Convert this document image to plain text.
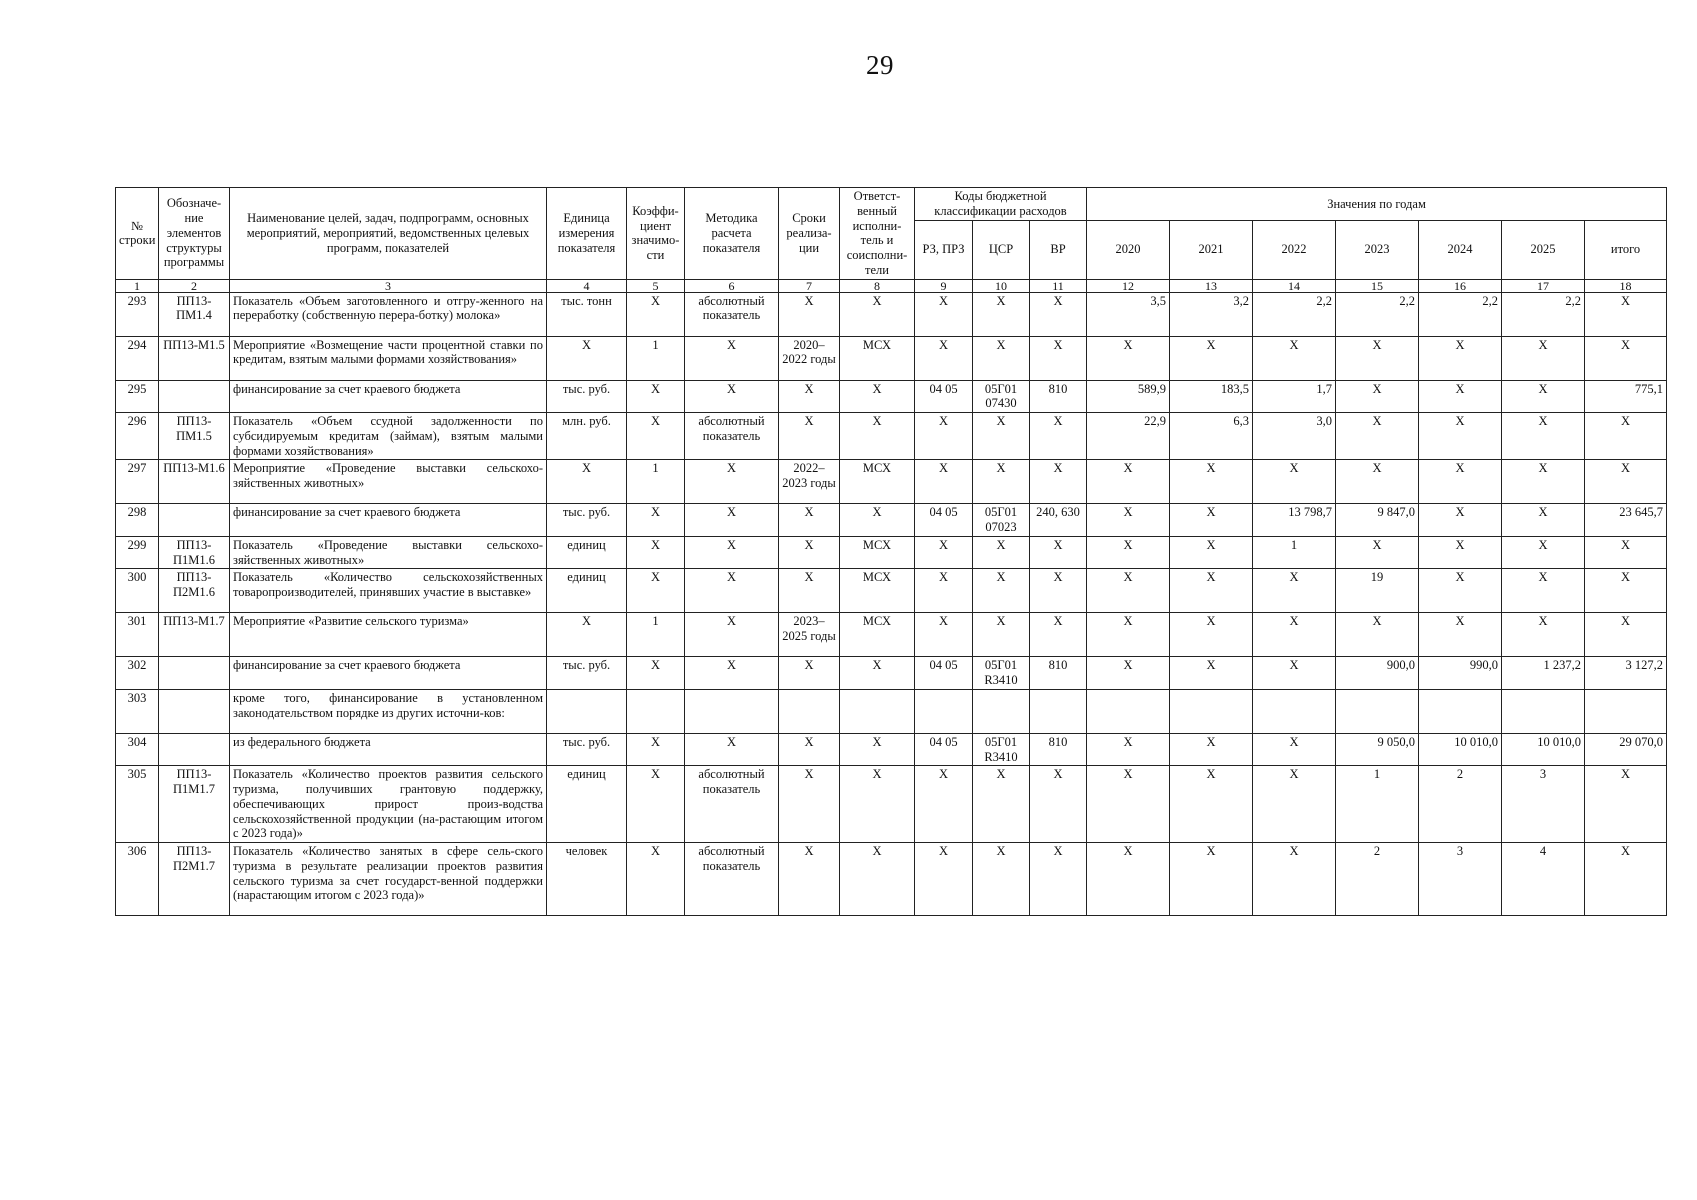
29
№ строки	Обозначе-ние элементов структуры программы	Наименование целей, задач, подпрограмм, основных мероприятий, мероприятий, ведомственных целевых программ, показателей	Единица измерения показателя	Коэффи-циент значимо-сти	Методика расчета показателя	Сроки реализа-ции	Ответст-венный исполни-тель и соисполни-тели	Коды бюджетной классификации расходов			Значения по годам						
								РЗ, ПРЗ	ЦСР	ВР	2020	2021	2022	2023	2024	2025	итого
1	2	3	4	5	6	7	8	9	10	11	12	13	14	15	16	17	18
293	ПП13-ПМ1.4	Показатель «Объем заготовленного и отгру-женного на переработку (собственную перера-ботку) молока»	тыс. тонн	X	абсолютный показатель	X	X	X	X	X	3,5	3,2	2,2	2,2	2,2	2,2	X
294	ПП13-М1.5	Мероприятие «Возмещение части процентной ставки по кредитам, взятым малыми формами хозяйствования»	X	1	X	2020–2022 годы	МСХ	X	X	X	X	X	X	X	X	X	X
295		финансирование за счет краевого бюджета	тыс. руб.	X	X	X	X	04 05	05Г01 07430	810	589,9	183,5	1,7	X	X	X	775,1
296	ПП13-ПМ1.5	Показатель «Объем ссудной задолженности по субсидируемым кредитам (займам), взятым малыми формами хозяйствования»	млн. руб.	X	абсолютный показатель	X	X	X	X	X	22,9	6,3	3,0	X	X	X	X
297	ПП13-М1.6	Мероприятие «Проведение выставки сельскохо-зяйственных животных»	X	1	X	2022–2023 годы	МСХ	X	X	X	X	X	X	X	X	X	X
298		финансирование за счет краевого бюджета	тыс. руб.	X	X	X	X	04 05	05Г01 07023	240, 630	X	X	13 798,7	9 847,0	X	X	23 645,7
299	ПП13-П1М1.6	Показатель «Проведение выставки сельскохо-зяйственных животных»	единиц	X	X	X	МСХ	X	X	X	X	X	1	X	X	X	X
300	ПП13-П2М1.6	Показатель «Количество сельскохозяйственных товаропроизводителей, принявших участие в выставке»	единиц	X	X	X	МСХ	X	X	X	X	X	X	19	X	X	X
301	ПП13-М1.7	Мероприятие «Развитие сельского туризма»	X	1	X	2023–2025 годы	МСХ	X	X	X	X	X	X	X	X	X	X
302		финансирование за счет краевого бюджета	тыс. руб.	X	X	X	X	04 05	05Г01 R3410	810	X	X	X	900,0	990,0	1 237,2	3 127,2
303		кроме того, финансирование в установленном законодательством порядке из других источни-ков:															
304		из федерального бюджета	тыс. руб.	X	X	X	X	04 05	05Г01 R3410	810	X	X	X	9 050,0	10 010,0	10 010,0	29 070,0
305	ПП13-П1М1.7	Показатель «Количество проектов развития сельского туризма, получивших грантовую поддержку, обеспечивающих прирост произ-водства сельскохозяйственной продукции (на-растающим итогом с 2023 года)»	единиц	X	абсолютный показатель	X	X	X	X	X	X	X	X	1	2	3	X
306	ПП13-П2М1.7	Показатель «Количество занятых в сфере сель-ского туризма в результате реализации проектов развития сельского туризма за счет государст-венной поддержки (нарастающим итогом с 2023 года)»	человек	X	абсолютный показатель	X	X	X	X	X	X	X	X	2	3	4	X
